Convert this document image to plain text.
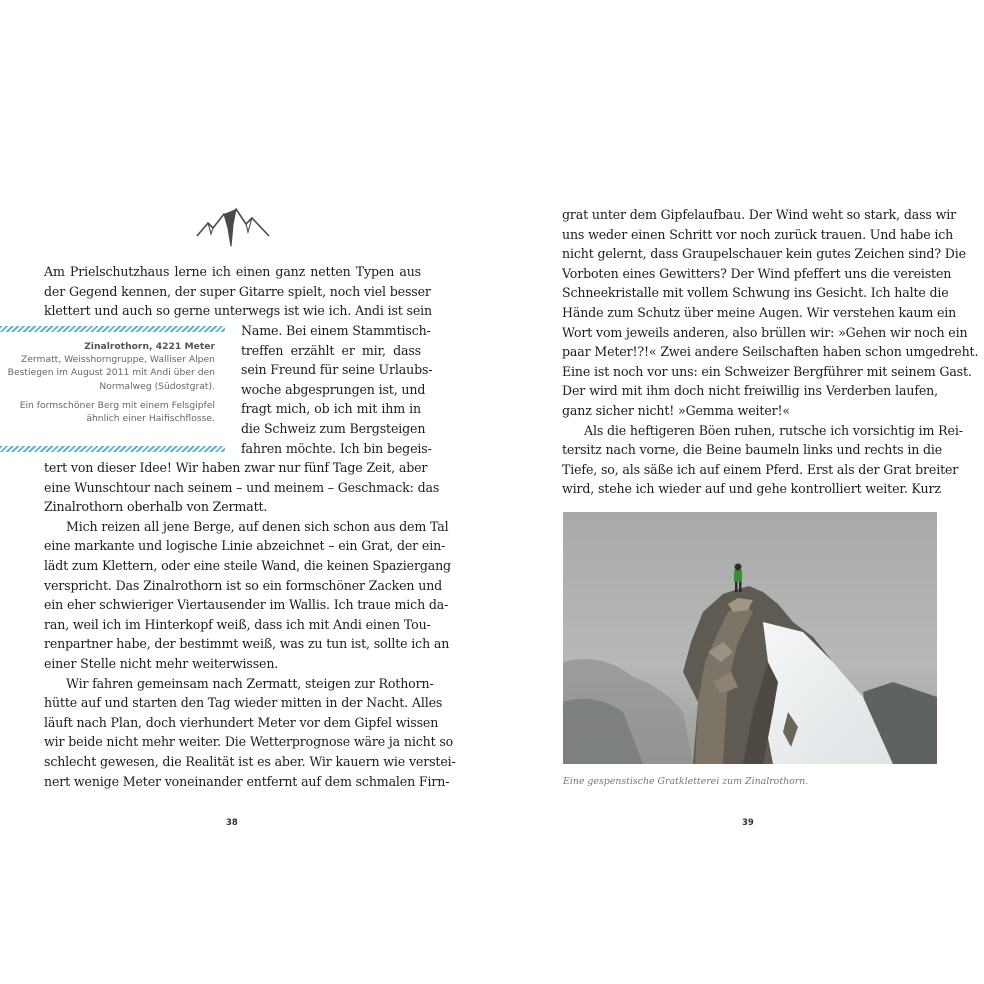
Am Prielschutzhaus lerne ich einen ganz netten Typen aus
der Gegend kennen, der super Gitarre spielt, noch viel besser
klettert und auch so gerne unterwegs ist wie ich. Andi ist sein
Zinalrothorn, 4221 Meter
Zermatt, Weisshorngruppe, Walliser Alpen
Bestiegen im August 2011 mit Andi über den
Normalweg (Südostgrat).
Ein formschöner Berg mit einem Felsgipfel
ähnlich einer Haifischflosse.
Name. Bei einem Stammtisch-
treffen erzählt er mir, dass
sein Freund für seine Urlaubs-
woche abgesprungen ist, und
fragt mich, ob ich mit ihm in
die Schweiz zum Bergsteigen
fahren möchte. Ich bin begeis-

tert von dieser Idee! Wir haben zwar nur fünf Tage Zeit, aber
eine Wunschtour nach seinem – und meinem – Geschmack: das
Zinalrothorn oberhalb von Zermatt.

Mich reizen all jene Berge, auf denen sich schon aus dem Tal
eine markante und logische Linie abzeichnet – ein Grat, der ein-
lädt zum Klettern, oder eine steile Wand, die keinen Spaziergang
verspricht. Das Zinalrothorn ist so ein formschöner Zacken und
ein eher schwieriger Viertausender im Wallis. Ich traue mich da-
ran, weil ich im Hinterkopf weiß, dass ich mit Andi einen Tou-
renpartner habe, der bestimmt weiß, was zu tun ist, sollte ich an
einer Stelle nicht mehr weiterwissen.

Wir fahren gemeinsam nach Zermatt, steigen zur Rothorn-
hütte auf und starten den Tag wieder mitten in der Nacht. Alles
läuft nach Plan, doch vierhundert Meter vor dem Gipfel wissen
wir beide nicht mehr weiter. Die Wetterprognose wäre ja nicht so
schlecht gewesen, die Realität ist es aber. Wir kauern wie verstei-
nert wenige Meter voneinander entfernt auf dem schmalen Firn-

38

grat unter dem Gipfelaufbau. Der Wind weht so stark, dass wir
uns weder einen Schritt vor noch zurück trauen. Und habe ich
nicht gelernt, dass Graupelschauer kein gutes Zeichen sind? Die
Vorboten eines Gewitters? Der Wind pfeffert uns die vereisten
Schneekristalle mit vollem Schwung ins Gesicht. Ich halte die
Hände zum Schutz über meine Augen. Wir verstehen kaum ein
Wort vom jeweils anderen, also brüllen wir: »Gehen wir noch ein
paar Meter!?!« Zwei andere Seilschaften haben schon umgedreht.
Eine ist noch vor uns: ein Schweizer Bergführer mit seinem Gast.
Der wird mit ihm doch nicht freiwillig ins Verderben laufen,
ganz sicher nicht! »Gemma weiter!«

Als die heftigeren Böen ruhen, rutsche ich vorsichtig im Rei-
tersitz nach vorne, die Beine baumeln links und rechts in die
Tiefe, so, als säße ich auf einem Pferd. Erst als der Grat breiter
wird, stehe ich wieder auf und gehe kontrolliert weiter. Kurz

Eine gespenstische Gratkletterei zum Zinalrothorn.
39
